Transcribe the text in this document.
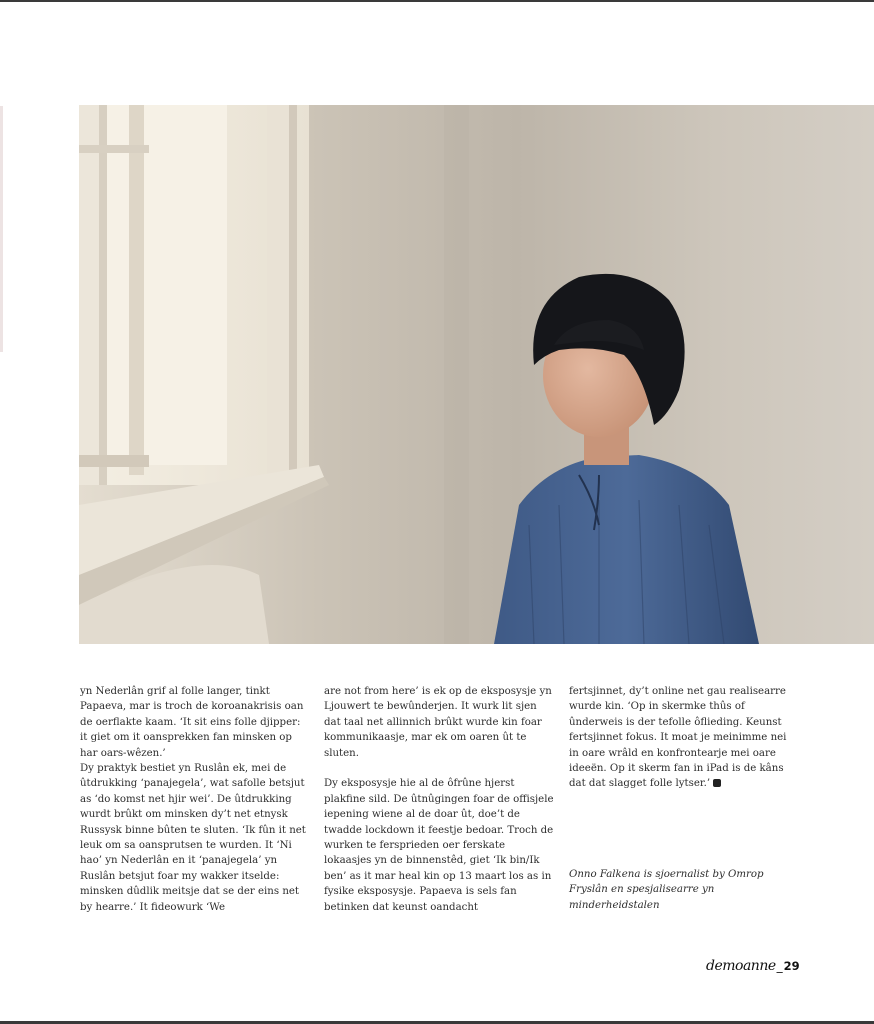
yn Nederlân grif al folle langer, tinkt Papaeva, mar is troch de koroanakrisis oan de oerflakte kaam. ‘It sit eins folle djipper: it giet om it oansprekken fan minsken op har oars-wêzen.’

Dy praktyk bestiet yn Ruslân ek, mei de ûtdrukking ‘panajegela’, wat safolle betsjut as ‘do komst net hjir wei’. De ûtdrukking wurdt brûkt om minsken dy’t net etnysk Russysk binne bûten te sluten. ‘Ik fûn it net leuk om sa oansprutsen te wurden. It ‘Ni hao’ yn Nederlân en it ‘panajegela’ yn Ruslân betsjut foar my wakker itselde: minsken dûdlik meitsje dat se der eins net by hearre.’ It fideowurk ‘We

are not from here’ is ek op de eksposysje yn Ljouwert te bewûnderjen. It wurk lit sjen dat taal net allinnich brûkt wurde kin foar kommunikaasje, mar ek om oaren ût te sluten.

Dy eksposysje hie al de ôfrûne hjerst plakfine sild. De ûtnûgingen foar de offisjele iepening wiene al de doar ût, doe’t de twadde lockdown it feestje bedoar. Troch de wurken te fersprieden oer ferskate lokaasjes yn de binnenstêd, giet ‘Ik bin/Ik ben’ as it mar heal kin op 13 maart los as in fysike eksposysje. Papaeva is sels fan betinken dat keunst oandacht

fertsjinnet, dy’t online net gau realisearre wurde kin. ‘Op in skermke thûs of ûnderweis is der tefolle ôflieding. Keunst fertsjinnet fokus. It moat je meinimme nei in oare wrâld en konfrontearje mei oare ideeën. Op it skerm fan in iPad is de kâns dat dat slagget folle lytser.’

Onno Falkena is sjoernalist by Omrop Fryslân en spesjalisearre yn minderheidstalen
demoanne _ 29
